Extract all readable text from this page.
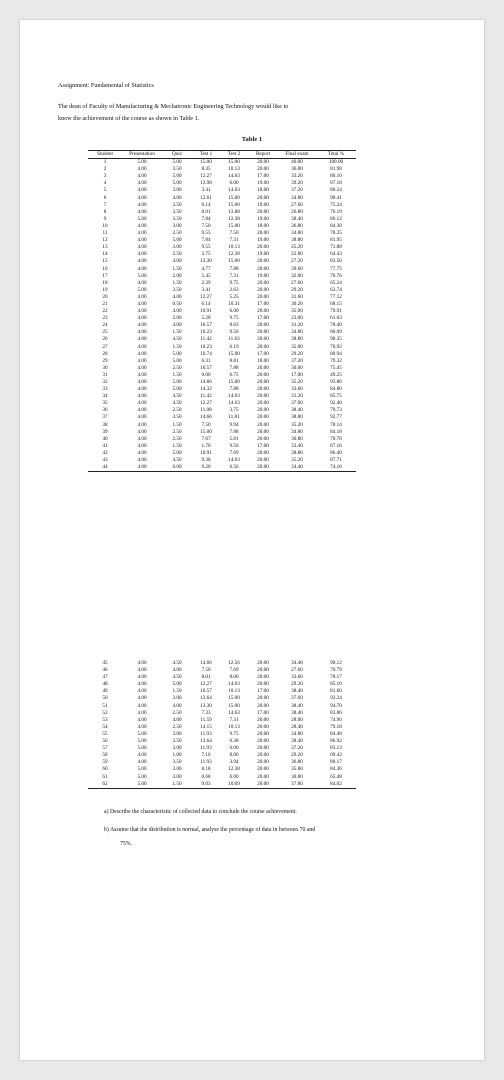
Assignment: Fundamental of Statistics
The dean of Faculty of Manufacturing & Mechatronic Engineering Technology would like to
know the achievement of the course as shown in Table 1.
Table 1
Student	Presentation	Quiz	Test 1	Test 2	Report	Final exam	Total %
1	5.00	5.00	15.00	15.00	20.00	40.00	100.00
2	4.00	3.50	8.35	10.13	20.00	36.00	81.98
3	4.00	5.00	12.27	14.63	17.00	33.20	86.10
4	4.00	5.00	13.98	6.00	19.00	39.20	87.18
5	4.00	3.00	3.41	14.63	18.00	37.20	80.24
6	4.00	4.00	12.61	15.00	20.00	34.80	90.41
7	4.00	3.50	6.14	15.00	19.00	27.60	75.24
8	4.00	3.50	8.01	13.88	20.00	26.80	76.19
9	5.00	3.50	7.84	12.38	19.00	38.40	86.12
10	4.00	3.00	7.50	15.00	18.00	36.80	84.30
11	4.00	2.50	9.55	7.50	20.00	34.80	78.35
12	4.00	5.00	7.84	7.31	19.00	38.80	81.95
13	4.00	3.00	9.55	10.13	20.00	25.20	71.88
14	4.00	2.50	3.75	12.38	19.00	22.80	64.43
15	4.00	4.00	13.30	15.00	20.00	27.20	83.50
16	4.00	1.50	4.77	7.88	20.00	39.60	77.75
17	5.00	2.00	5.45	7.31	19.00	32.00	70.76
18	4.00	1.50	2.39	9.75	20.00	27.60	65.24
19	5.00	3.50	3.41	2.63	20.00	29.20	63.74
20	4.00	4.00	12.27	5.25	20.00	31.60	77.12
21	4.00	0.50	6.14	10.31	17.00	30.20	68.15
22	4.00	4.00	10.91	6.00	20.00	35.00	79.91
23	4.00	2.00	5.28	9.75	17.00	23.00	61.03
24	4.00	4.00	10.57	8.63	20.00	31.20	78.40
25	4.00	1.50	10.23	9.56	20.00	34.80	80.09
26	4.00	4.50	11.42	11.63	20.00	38.80	90.35
27	4.00	1.50	10.23	6.19	20.00	35.00	76.92
28	4.00	5.00	10.74	15.00	17.00	29.20	80.94
29	4.00	5.00	6.31	8.81	18.00	37.20	79.32
30	4.00	2.50	10.57	7.88	20.00	30.00	75.45
31	4.00	1.50	0.00	6.75	20.00	17.00	49.25
32	4.00	5.00	14.66	15.00	20.00	35.20	93.86
33	4.00	5.00	14.32	7.88	20.00	33.60	84.80
34	4.00	4.50	11.42	14.63	20.00	31.20	85.75
35	4.00	4.50	12.27	14.63	20.00	37.00	92.40
36	4.00	2.50	11.08	3.75	20.00	38.40	79.73
37	4.00	3.50	14.66	11.81	20.00	38.80	92.77
38	4.00	1.50	7.50	9.94	20.00	35.20	78.14
39	4.00	2.50	15.00	7.88	20.00	34.80	84.18
40	4.00	2.50	7.67	5.81	20.00	30.80	70.78
41	4.00	1.50	1.70	9.56	17.00	33.40	67.16
42	4.00	5.00	10.91	7.69	20.00	38.80	86.40
43	4.00	4.50	9.38	14.63	20.00	35.20	87.71
44	4.00	0.00	9.20	6.56	20.00	34.40	74.16
45	4.00	4.50	14.66	12.56	20.00	34.40	90.12
46	4.00	4.00	7.50	7.69	20.00	27.60	70.79
47	4.00	4.50	8.01	8.06	20.00	33.60	78.17
48	4.00	5.00	12.27	14.63	20.00	29.20	85.10
49	4.00	1.50	10.57	10.13	17.00	38.40	81.60
50	4.00	3.00	13.64	15.00	20.00	37.60	93.24
51	4.00	4.00	13.30	15.00	20.00	38.40	94.70
52	4.00	2.50	7.33	14.63	17.00	38.40	83.86
53	4.00	4.00	11.59	7.31	20.00	28.00	74.90
54	4.00	2.50	14.15	10.13	20.00	28.40	79.18
55	5.00	3.00	11.93	9.75	20.00	34.80	84.48
56	5.00	3.50	13.64	6.38	20.00	38.40	86.92
57	5.00	3.00	11.93	6.00	20.00	37.20	83.13
58	4.00	1.00	7.16	8.06	20.00	29.20	69.42
59	4.00	3.50	11.93	3.94	20.00	36.80	80.17
60	5.00	3.00	8.18	12.38	20.00	35.80	84.36
61	5.00	3.00	0.68	6.00	20.00	30.80	65.48
62	5.00	1.50	9.03	10.69	20.00	37.80	84.02
a) Describe the characteristic of collected data to conclude the course achievement.
b) Assume that the distribution is normal, analyse the percentage of data in between 70 and
75%.
